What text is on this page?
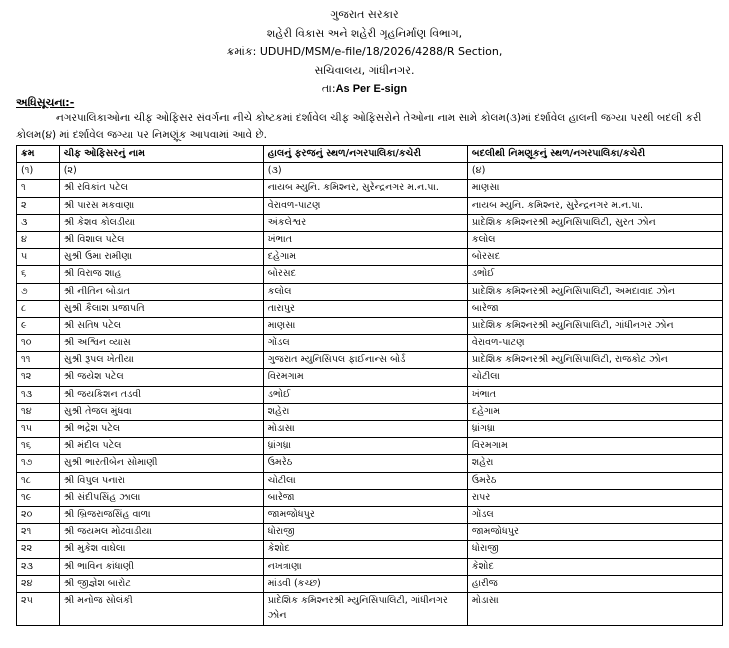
ગુજરાત સરકાર
શહેરી વિકાસ અને શહેરી ગૃહનિર્માણ વિભાગ,
ક્રમાંક: UDUHD/MSM/e-file/18/2026/4288/R Section,
સચિવાલય, ગાંધીનગર.
તા:As Per E-sign
અધિસૂચના:-
નગરપાલિકાઓના ચીફ ઓફિસર સંવર્ગના નીચે કોષ્ટકમાં દર્શાવેલ ચીફ ઓફિસરોને તેઓના નામ સામે કોલમ(૩)માં દર્શાવેલ હાલની જગ્યા પરથી બદલી કરી કોલમ(૪) માં દર્શાવેલ જગ્યા પર નિમણૂંક આપવામાં આવે છે.
ક્રમ	ચીફ ઓફિસરનું નામ	હાલનું ફરજનું સ્થળ/નગરપાલિકા/કચેરી	બદલીથી નિમણૂકનું સ્થળ/નગરપાલિકા/કચેરી
(૧)	(૨)	(૩)	(૪)
૧	શ્રી રવિકાંત પટેલ	નાયબ મ્યુનિ. કમિશ્નર, સુરેન્દ્રનગર મ.ન.પા.	માણસા
૨	શ્રી પારસ મકવાણા	વેરાવળ-પાટણ	નાયબ મ્યુનિ. કમિશ્નર, સુરેન્દ્રનગર મ.ન.પા.
૩	શ્રી કેશવ કોલડીયા	અંકલેશ્વર	પ્રાદેશિક કમિશ્નરશ્રી મ્યુનિસિપાલિટી, સુરત ઝોન
૪	શ્રી વિશાલ પટેલ	ખંભાત	કલોલ
૫	સુશ્રી ઉમા રામીણા	દહેગામ	બોરસદ
૬	શ્રી વિરાજ શાહ	બોરસદ	ડભોઈ
૭	શ્રી નીતિન બોડાત	કલોલ	પ્રાદેશિક કમિશ્નરશ્રી મ્યુનિસિપાલિટી, અમદાવાદ ઝોન
૮	સુશ્રી કૈલાશ પ્રજાપતિ	તારાપુર	બારેજા
૯	શ્રી સતિષ પટેલ	માણસા	પ્રાદેશિક કમિશ્નરશ્રી મ્યુનિસિપાલિટી, ગાંધીનગર ઝોન
૧૦	શ્રી અશ્વિન વ્યાસ	ગોંડલ	વેરાવળ-પાટણ
૧૧	સુશ્રી રૂપલ ખેતીયા	ગુજરાત મ્યુનિસિપલ ફાઈનાન્સ બોર્ડ	પ્રાદેશિક કમિશ્નરશ્રી મ્યુનિસિપાલિટી, રાજકોટ ઝોન
૧૨	શ્રી જયેશ પટેલ	વિરમગામ	ચોટીલા
૧૩	શ્રી જયકિશન તડવી	ડભોઈ	ખંભાત
૧૪	સુશ્રી તેજલ મુંધવા	શહેરા	દહેગામ
૧૫	શ્રી ભદ્રેશ પટેલ	મોડાસા	ધ્રાંગધ્રા
૧૬	શ્રી મંદીલ પટેલ	ધ્રાંગધ્રા	વિરમગામ
૧૭	સુશ્રી ભારતીબેન સોમાણી	ઉમરેઠ	શહેરા
૧૮	શ્રી વિપુલ પનારા	ચોટીલા	ઉમરેઠ
૧૯	શ્રી સંદીપસિંહ ઝાલા	બારેજા	રાપર
૨૦	શ્રી બ્રિજરાજસિંહ વાળા	જામજોધપુર	ગોંડલ
૨૧	શ્રી જયમલ મોઢવાડીયા	ધોરાજી	જામજોધપુર
૨૨	શ્રી મુકેશ વાઘેલા	કેશોદ	ધોરાજી
૨૩	શ્રી ભાવિન કાંધાણી	નખત્રાણા	કેશોદ
૨૪	શ્રી જીજ્ઞેશ બારોટ	માંડવી (કચ્છ)	હારીજ
૨૫	શ્રી મનોજ સોલંકી	પ્રાદેશિક કમિશ્નરશ્રી મ્યુનિસિપાલિટી, ગાંધીનગર ઝોન	મોડાસા
